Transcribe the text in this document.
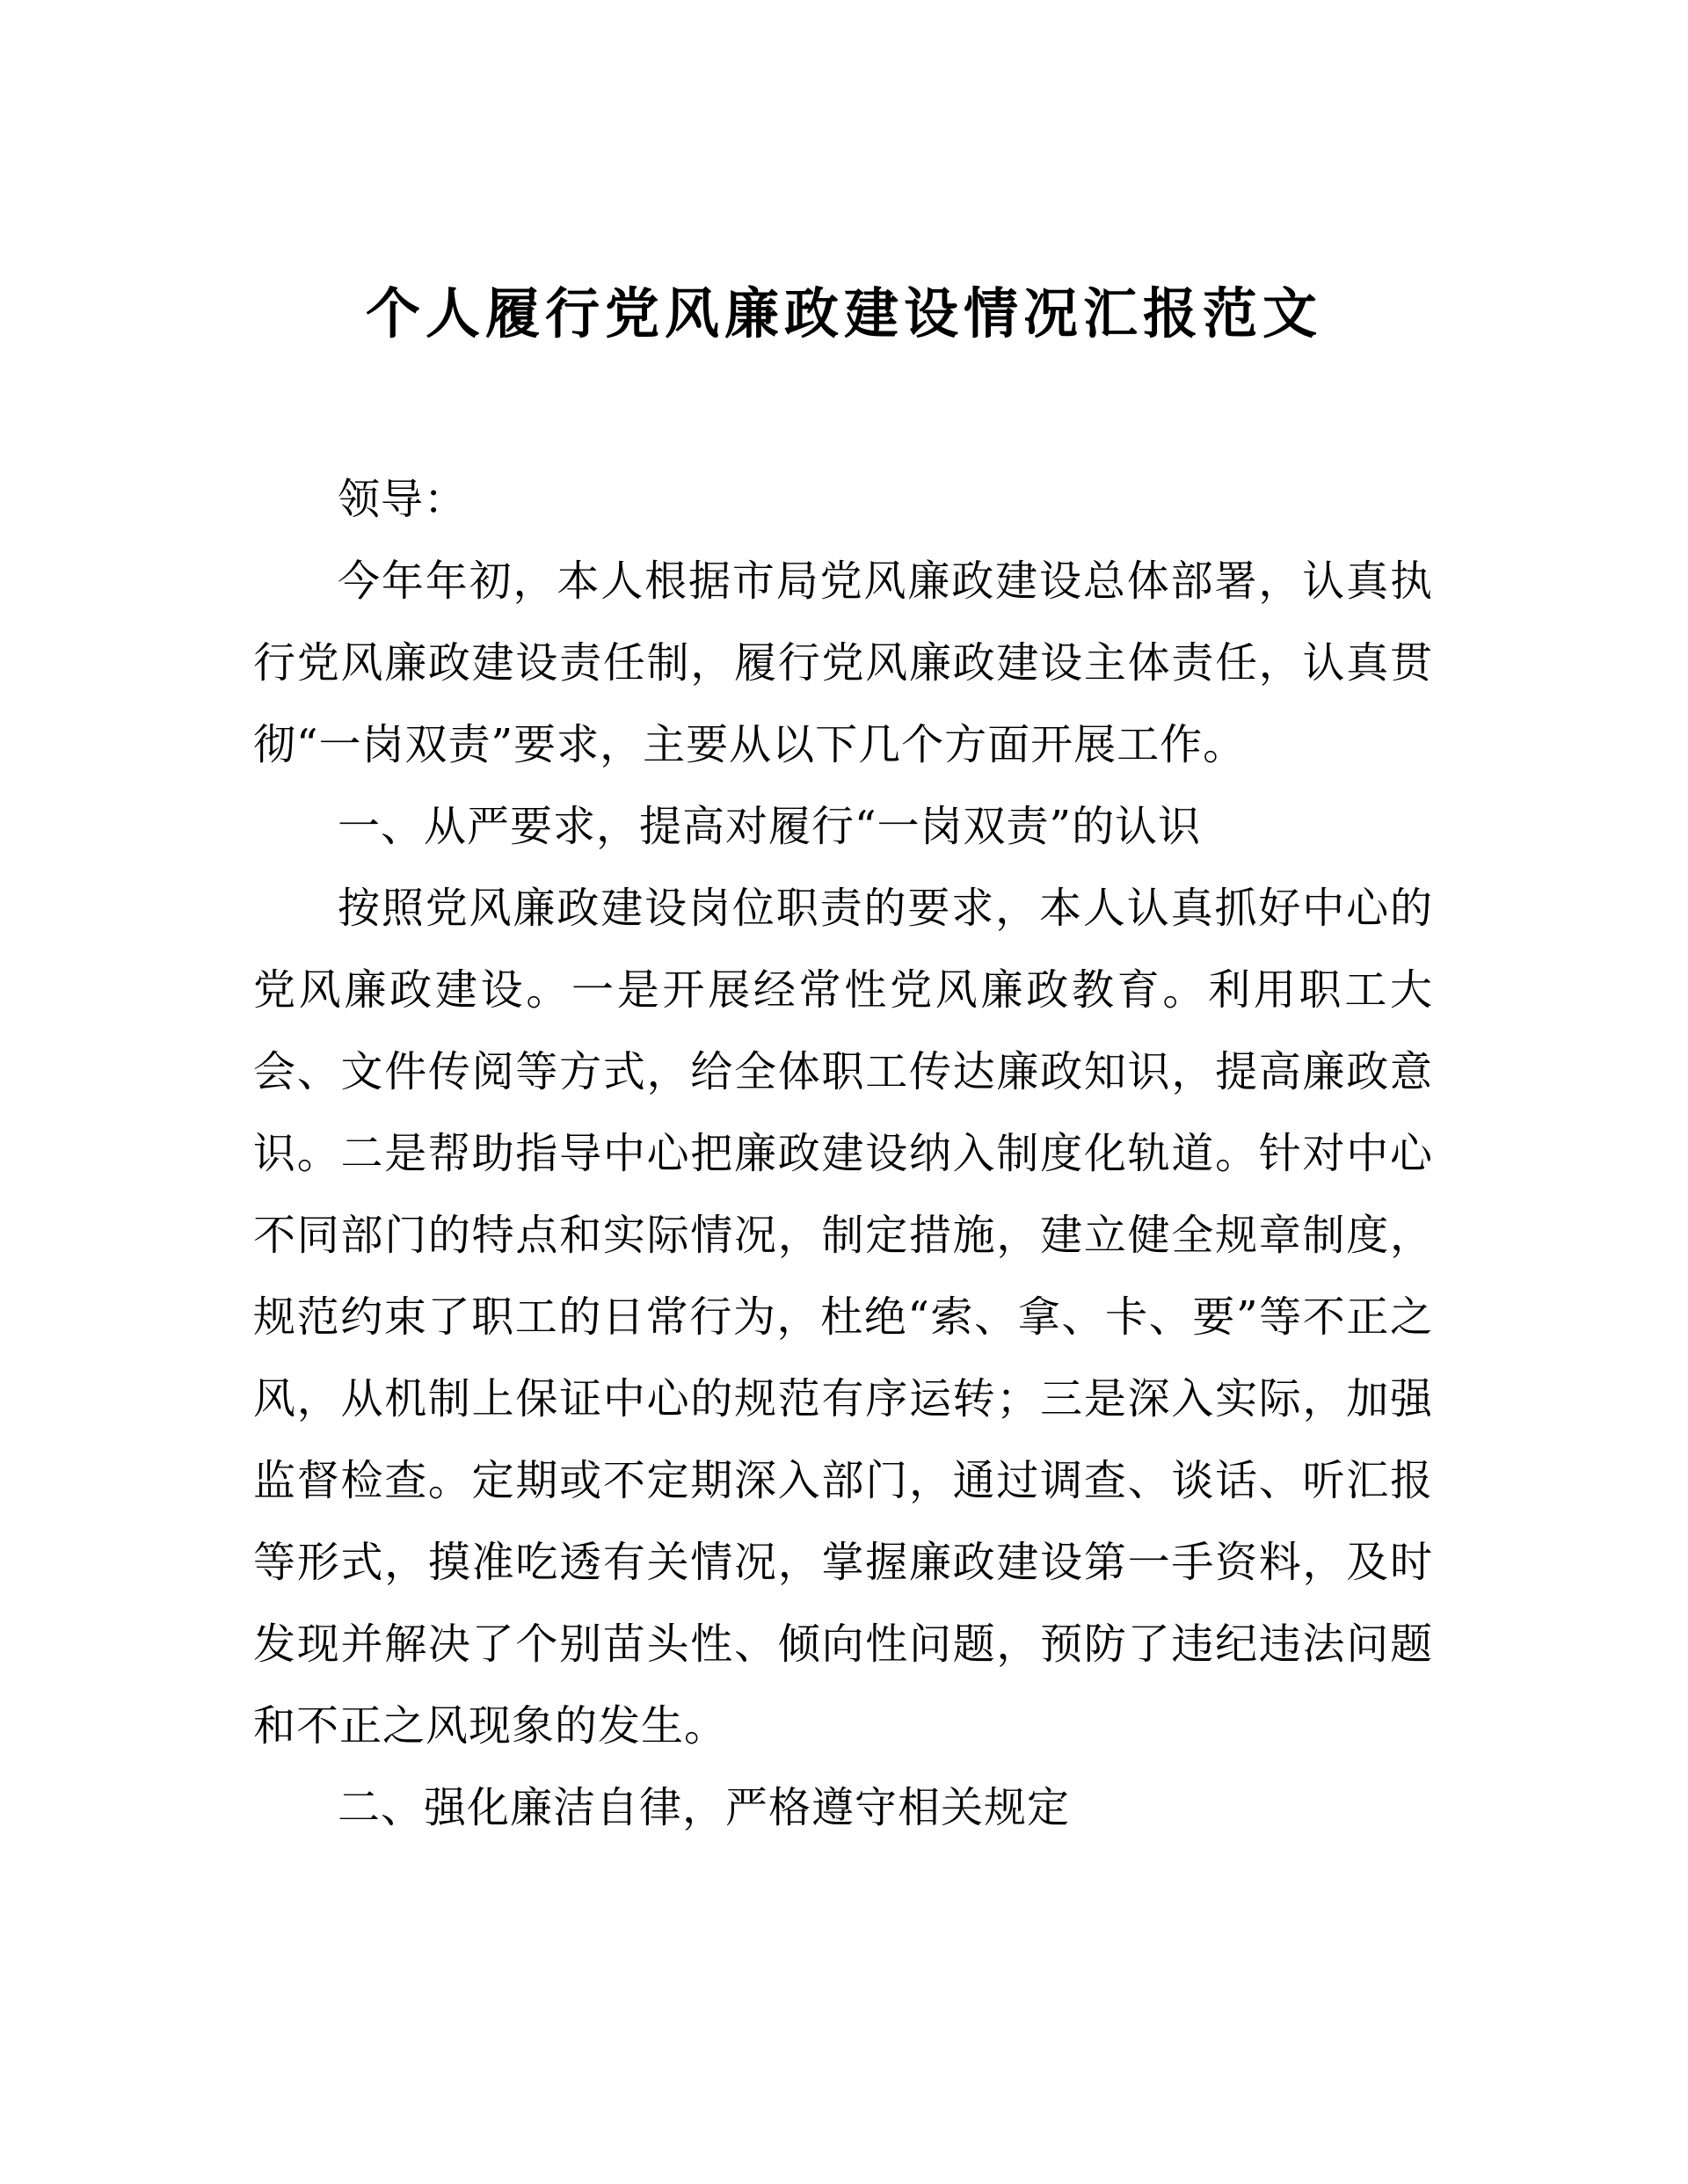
个人履行党风廉政建设情况汇报范文

领导：

今年年初，本人根据市局党风廉政建设总体部署，认真执行党风廉政建设责任制，履行党风廉政建设主体责任，认真贯彻“一岗双责”要求，主要从以下几个方面开展工作。

一、从严要求，提高对履行“一岗双责”的认识

按照党风廉政建设岗位职责的要求，本人认真抓好中心的党风廉政建设。一是开展经常性党风廉政教育。利用职工大会、文件传阅等方式，给全体职工传达廉政知识，提高廉政意识。二是帮助指导中心把廉政建设纳入制度化轨道。针对中心不同部门的特点和实际情况，制定措施，建立健全规章制度，规范约束了职工的日常行为，杜绝“索、拿、卡、要”等不正之风，从机制上保证中心的规范有序运转；三是深入实际，加强监督检查。定期或不定期深入部门，通过调查、谈话、听汇报等形式，摸准吃透有关情况，掌握廉政建设第一手资料，及时发现并解决了个别苗头性、倾向性问题，预防了违纪违法问题和不正之风现象的发生。

二、强化廉洁自律，严格遵守相关规定
